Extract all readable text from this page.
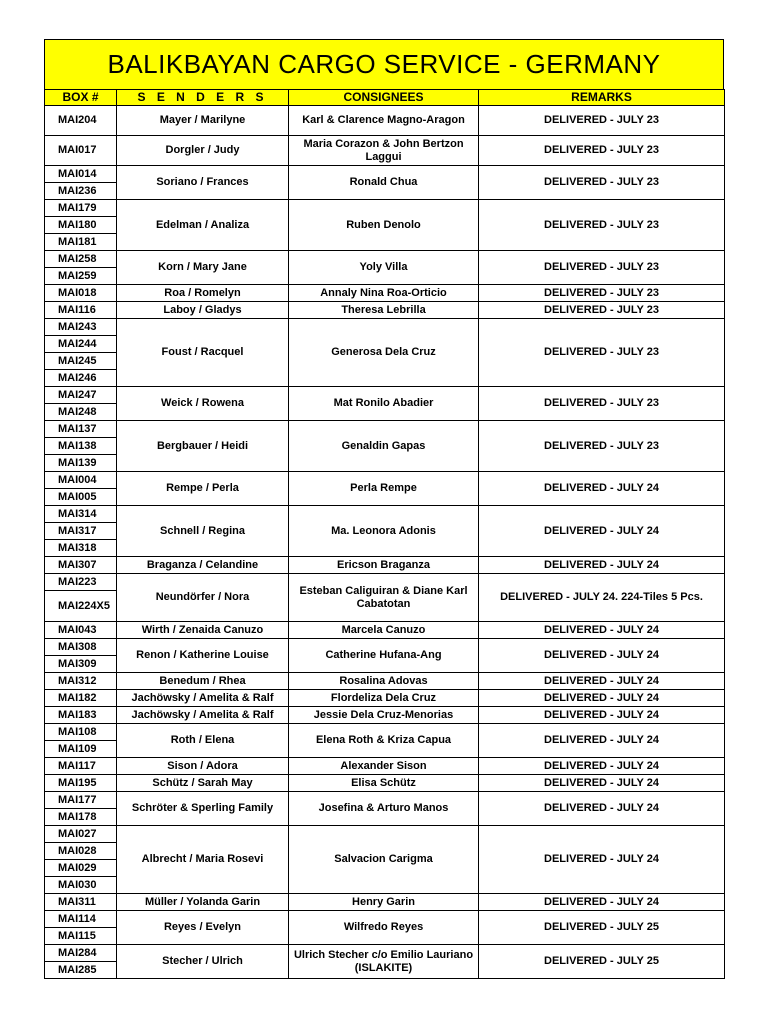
BALIKBAYAN CARGO SERVICE - GERMANY
BOX #	S E N D E R S	CONSIGNEES	REMARKS
MAI204	Mayer / Marilyne	Karl & Clarence Magno-Aragon	DELIVERED - JULY 23
MAI017	Dorgler / Judy	Maria Corazon & John Bertzon Laggui	DELIVERED - JULY 23
MAI014	Soriano / Frances	Ronald Chua	DELIVERED - JULY 23
MAI236			
MAI179	Edelman / Analiza	Ruben Denolo	DELIVERED - JULY 23
MAI180			
MAI181			
MAI258	Korn / Mary Jane	Yoly Villa	DELIVERED - JULY 23
MAI259			
MAI018	Roa / Romelyn	Annaly Nina Roa-Orticio	DELIVERED - JULY 23
MAI116	Laboy / Gladys	Theresa Lebrilla	DELIVERED - JULY 23
MAI243	Foust / Racquel	Generosa Dela Cruz	DELIVERED - JULY 23
MAI244			
MAI245			
MAI246			
MAI247	Weick / Rowena	Mat Ronilo Abadier	DELIVERED - JULY 23
MAI248			
MAI137	Bergbauer / Heidi	Genaldin Gapas	DELIVERED - JULY 23
MAI138			
MAI139			
MAI004	Rempe / Perla	Perla Rempe	DELIVERED - JULY 24
MAI005			
MAI314	Schnell / Regina	Ma. Leonora Adonis	DELIVERED - JULY 24
MAI317			
MAI318			
MAI307	Braganza / Celandine	Ericson Braganza	DELIVERED - JULY 24
MAI223	Neundörfer / Nora	Esteban Caliguiran & Diane Karl Cabatotan	DELIVERED - JULY 24. 224-Tiles 5 Pcs.
MAI224X5			
MAI043	Wirth / Zenaida Canuzo	Marcela Canuzo	DELIVERED - JULY 24
MAI308	Renon / Katherine Louise	Catherine Hufana-Ang	DELIVERED - JULY 24
MAI309			
MAI312	Benedum / Rhea	Rosalina Adovas	DELIVERED - JULY 24
MAI182	Jachöwsky / Amelita & Ralf	Flordeliza Dela Cruz	DELIVERED - JULY 24
MAI183	Jachöwsky / Amelita & Ralf	Jessie Dela Cruz-Menorias	DELIVERED - JULY 24
MAI108	Roth / Elena	Elena Roth & Kriza Capua	DELIVERED - JULY 24
MAI109			
MAI117	Sison / Adora	Alexander Sison	DELIVERED - JULY 24
MAI195	Schütz / Sarah May	Elisa Schütz	DELIVERED - JULY 24
MAI177	Schröter & Sperling Family	Josefina & Arturo Manos	DELIVERED - JULY 24
MAI178			
MAI027	Albrecht / Maria Rosevi	Salvacion Carigma	DELIVERED - JULY 24
MAI028			
MAI029			
MAI030			
MAI311	Müller / Yolanda Garin	Henry Garin	DELIVERED - JULY 24
MAI114	Reyes / Evelyn	Wilfredo Reyes	DELIVERED - JULY 25
MAI115			
MAI284	Stecher / Ulrich	Ulrich Stecher c/o Emilio Lauriano (ISLAKITE)	DELIVERED - JULY 25
MAI285			
